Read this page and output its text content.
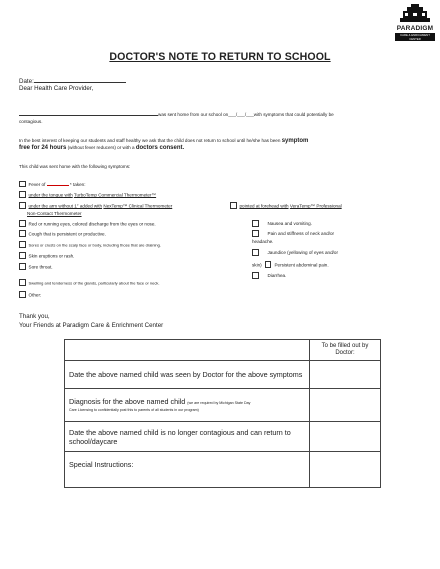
PARADIGM
CARE & ENRICHMENT CENTER
DOCTOR'S NOTE TO RETURN TO SCHOOL
Date:
Dear Health Care Provider,
was sent home from our school on___/___/___with symptoms that could potentially be
contagious.
In the best interest of keeping our students and staff healthy we ask that the child does not return to school until he/she has been symptom
free for 24 hours (without fever reducers) or with a doctors consent.
This child was sent home with the following symptoms:
Fever of	* taken:
under the tongue with TurboTemp Commercial Thermometer™
under the arm without 1° added with NexTemp™ Clinical Thermometer	pointed at forehead with VeraTemp™ Professional
Non-Contact Thermometer
Red or running eyes, colored discharge from the eyes or nose.
Cough that is persistent or productive.
Sores or crusts on the scalp face or body, including those that are draining.
Skin eruptions or rash.
Sore throat.
Swelling and tenderness of the glands, particularly about the face or neck.
Other:
Nausea and vomiting.
Pain and stiffness of neck and/or
headache.
Jaundice (yellowing of eyes and/or
skin)	Persistent abdominal pain.
Diarrhea.
Thank you,
Your Friends at Paradigm Care & Enrichment Center

	To be filled out by
Doctor:

Date the above named child was seen by Doctor for the above symptoms	

Diagnosis for the above named child (we are required by Michigan State Day
Care Licensing to confidentially post this to parents of all students in our program)	

Date the above named child is no longer contagious and can return to school/daycare	
Special Instructions:	
